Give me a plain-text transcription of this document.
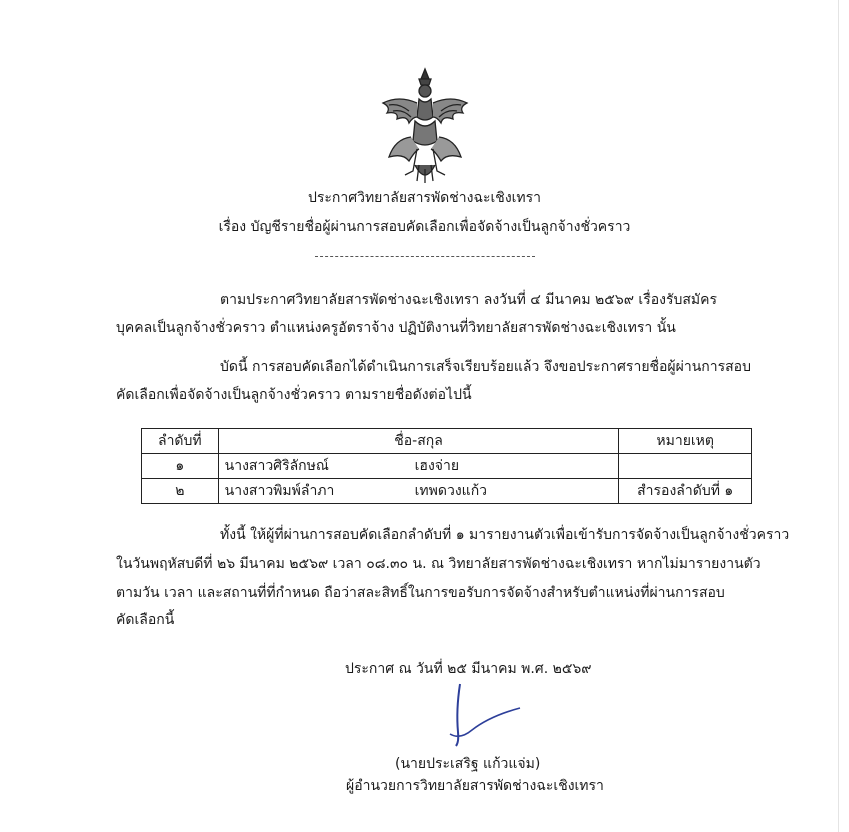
ประกาศวิทยาลัยสารพัดช่างฉะเชิงเทรา
เรื่อง บัญชีรายชื่อผู้ผ่านการสอบคัดเลือกเพื่อจัดจ้างเป็นลูกจ้างชั่วคราว
ตามประกาศวิทยาลัยสารพัดช่างฉะเชิงเทรา ลงวันที่ ๔ มีนาคม ๒๕๖๙ เรื่องรับสมัคร
บุคคลเป็นลูกจ้างชั่วคราว ตำแหน่งครูอัตราจ้าง ปฏิบัติงานที่วิทยาลัยสารพัดช่างฉะเชิงเทรา นั้น
บัดนี้ การสอบคัดเลือกได้ดำเนินการเสร็จเรียบร้อยแล้ว จึงขอประกาศรายชื่อผู้ผ่านการสอบ
คัดเลือกเพื่อจัดจ้างเป็นลูกจ้างชั่วคราว ตามรายชื่อดังต่อไปนี้
ลำดับที่	ชื่อ-สกุล	หมายเหตุ
๑	นางสาวศิริลักษณ์ เฮงจ่าย	
๒	นางสาวพิมพ์ลำภา เทพดวงแก้ว	สำรองลำดับที่ ๑
ทั้งนี้ ให้ผู้ที่ผ่านการสอบคัดเลือกลำดับที่ ๑ มารายงานตัวเพื่อเข้ารับการจัดจ้างเป็นลูกจ้างชั่วคราว
ในวันพฤหัสบดีที่ ๒๖ มีนาคม ๒๕๖๙ เวลา ๐๘.๓๐ น. ณ วิทยาลัยสารพัดช่างฉะเชิงเทรา หากไม่มารายงานตัว
ตามวัน เวลา และสถานที่ที่กำหนด ถือว่าสละสิทธิ์ในการขอรับการจัดจ้างสำหรับตำแหน่งที่ผ่านการสอบ
คัดเลือกนี้
ประกาศ ณ วันที่ ๒๕ มีนาคม พ.ศ. ๒๕๖๙
(นายประเสริฐ แก้วแจ่ม)
ผู้อำนวยการวิทยาลัยสารพัดช่างฉะเชิงเทรา
